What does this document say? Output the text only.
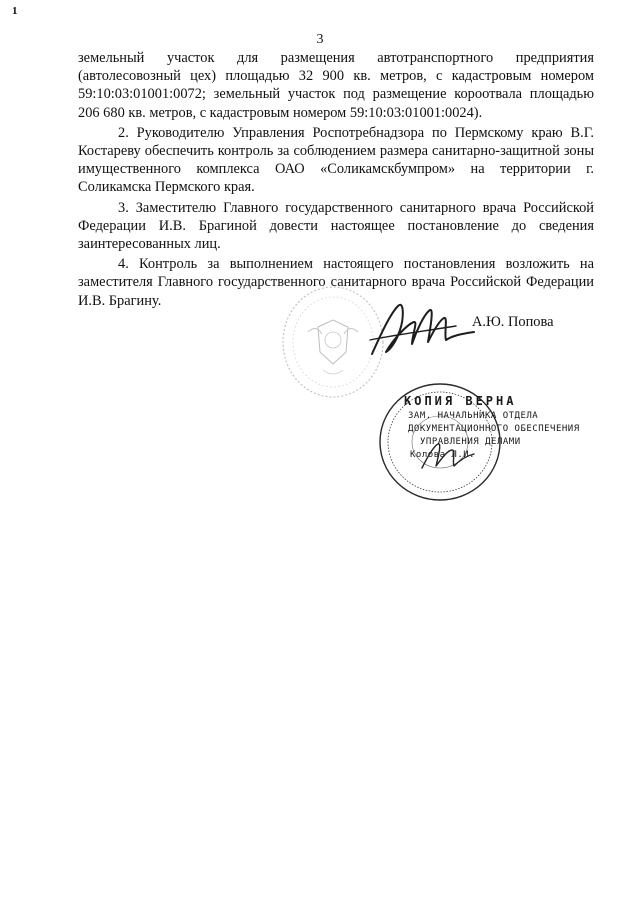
1
3

земельный участок для размещения автотранспортного предприятия (автолесовозный цех) площадью 32 900 кв. метров, с кадастровым номером 59:10:03:01001:0072; земельный участок под размещение короотвала площадью 206 680 кв. метров, с кадастровым номером 59:10:03:01001:0024).

2. Руководителю Управления Роспотребнадзора по Пермскому краю В.Г. Костареву обеспечить контроль за соблюдением размера санитарно-защитной зоны имущественного комплекса ОАО «Соликамскбумпром» на территории г. Соликамска Пермского края.

3. Заместителю Главного государственного санитарного врача Российской Федерации И.В. Брагиной довести настоящее постановление до сведения заинтересованных лиц.

4. Контроль за выполнением настоящего постановления возложить на заместителя Главного государственного санитарного врача Российской Федерации И.В. Брагину.

А.Ю. Попова
КОПИЯ ВЕРНА
ЗАМ. НАЧАЛЬНИКА ОТДЕЛА
ДОКУМЕНТАЦИОННОГО ОБЕСПЕЧЕНИЯ
УПРАВЛЕНИЯ ДЕЛАМИ
Колова Л.И.
